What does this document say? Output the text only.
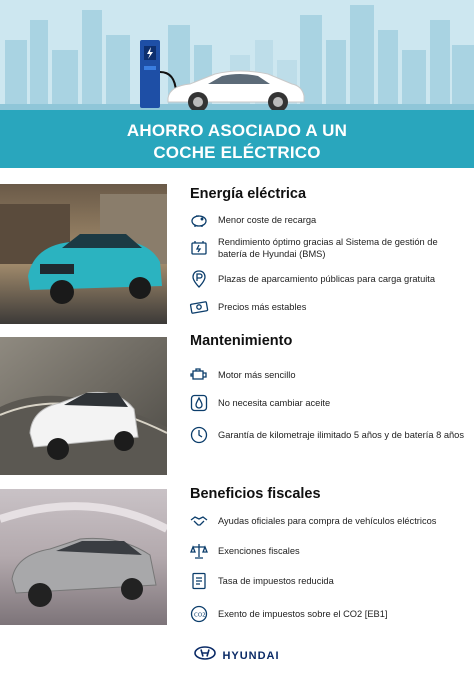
AHORRO ASOCIADO A UN
COCHE ELÉCTRICO
Energía eléctrica
Menor coste de recarga
Rendimiento óptimo gracias al Sistema de gestión de batería de Hyundai (BMS)
Plazas de aparcamiento públicas para carga gratuita
Precios más estables
Mantenimiento
Motor más sencillo
No necesita cambiar aceite
Garantía de kilometraje ilimitado 5 años y de batería 8 años
Beneficios fiscales
Ayudas oficiales para compra de vehículos eléctricos
Exenciones fiscales
Tasa de impuestos reducida
CO2 Exento de impuestos sobre el CO2 [EB1]
HYUNDAI
